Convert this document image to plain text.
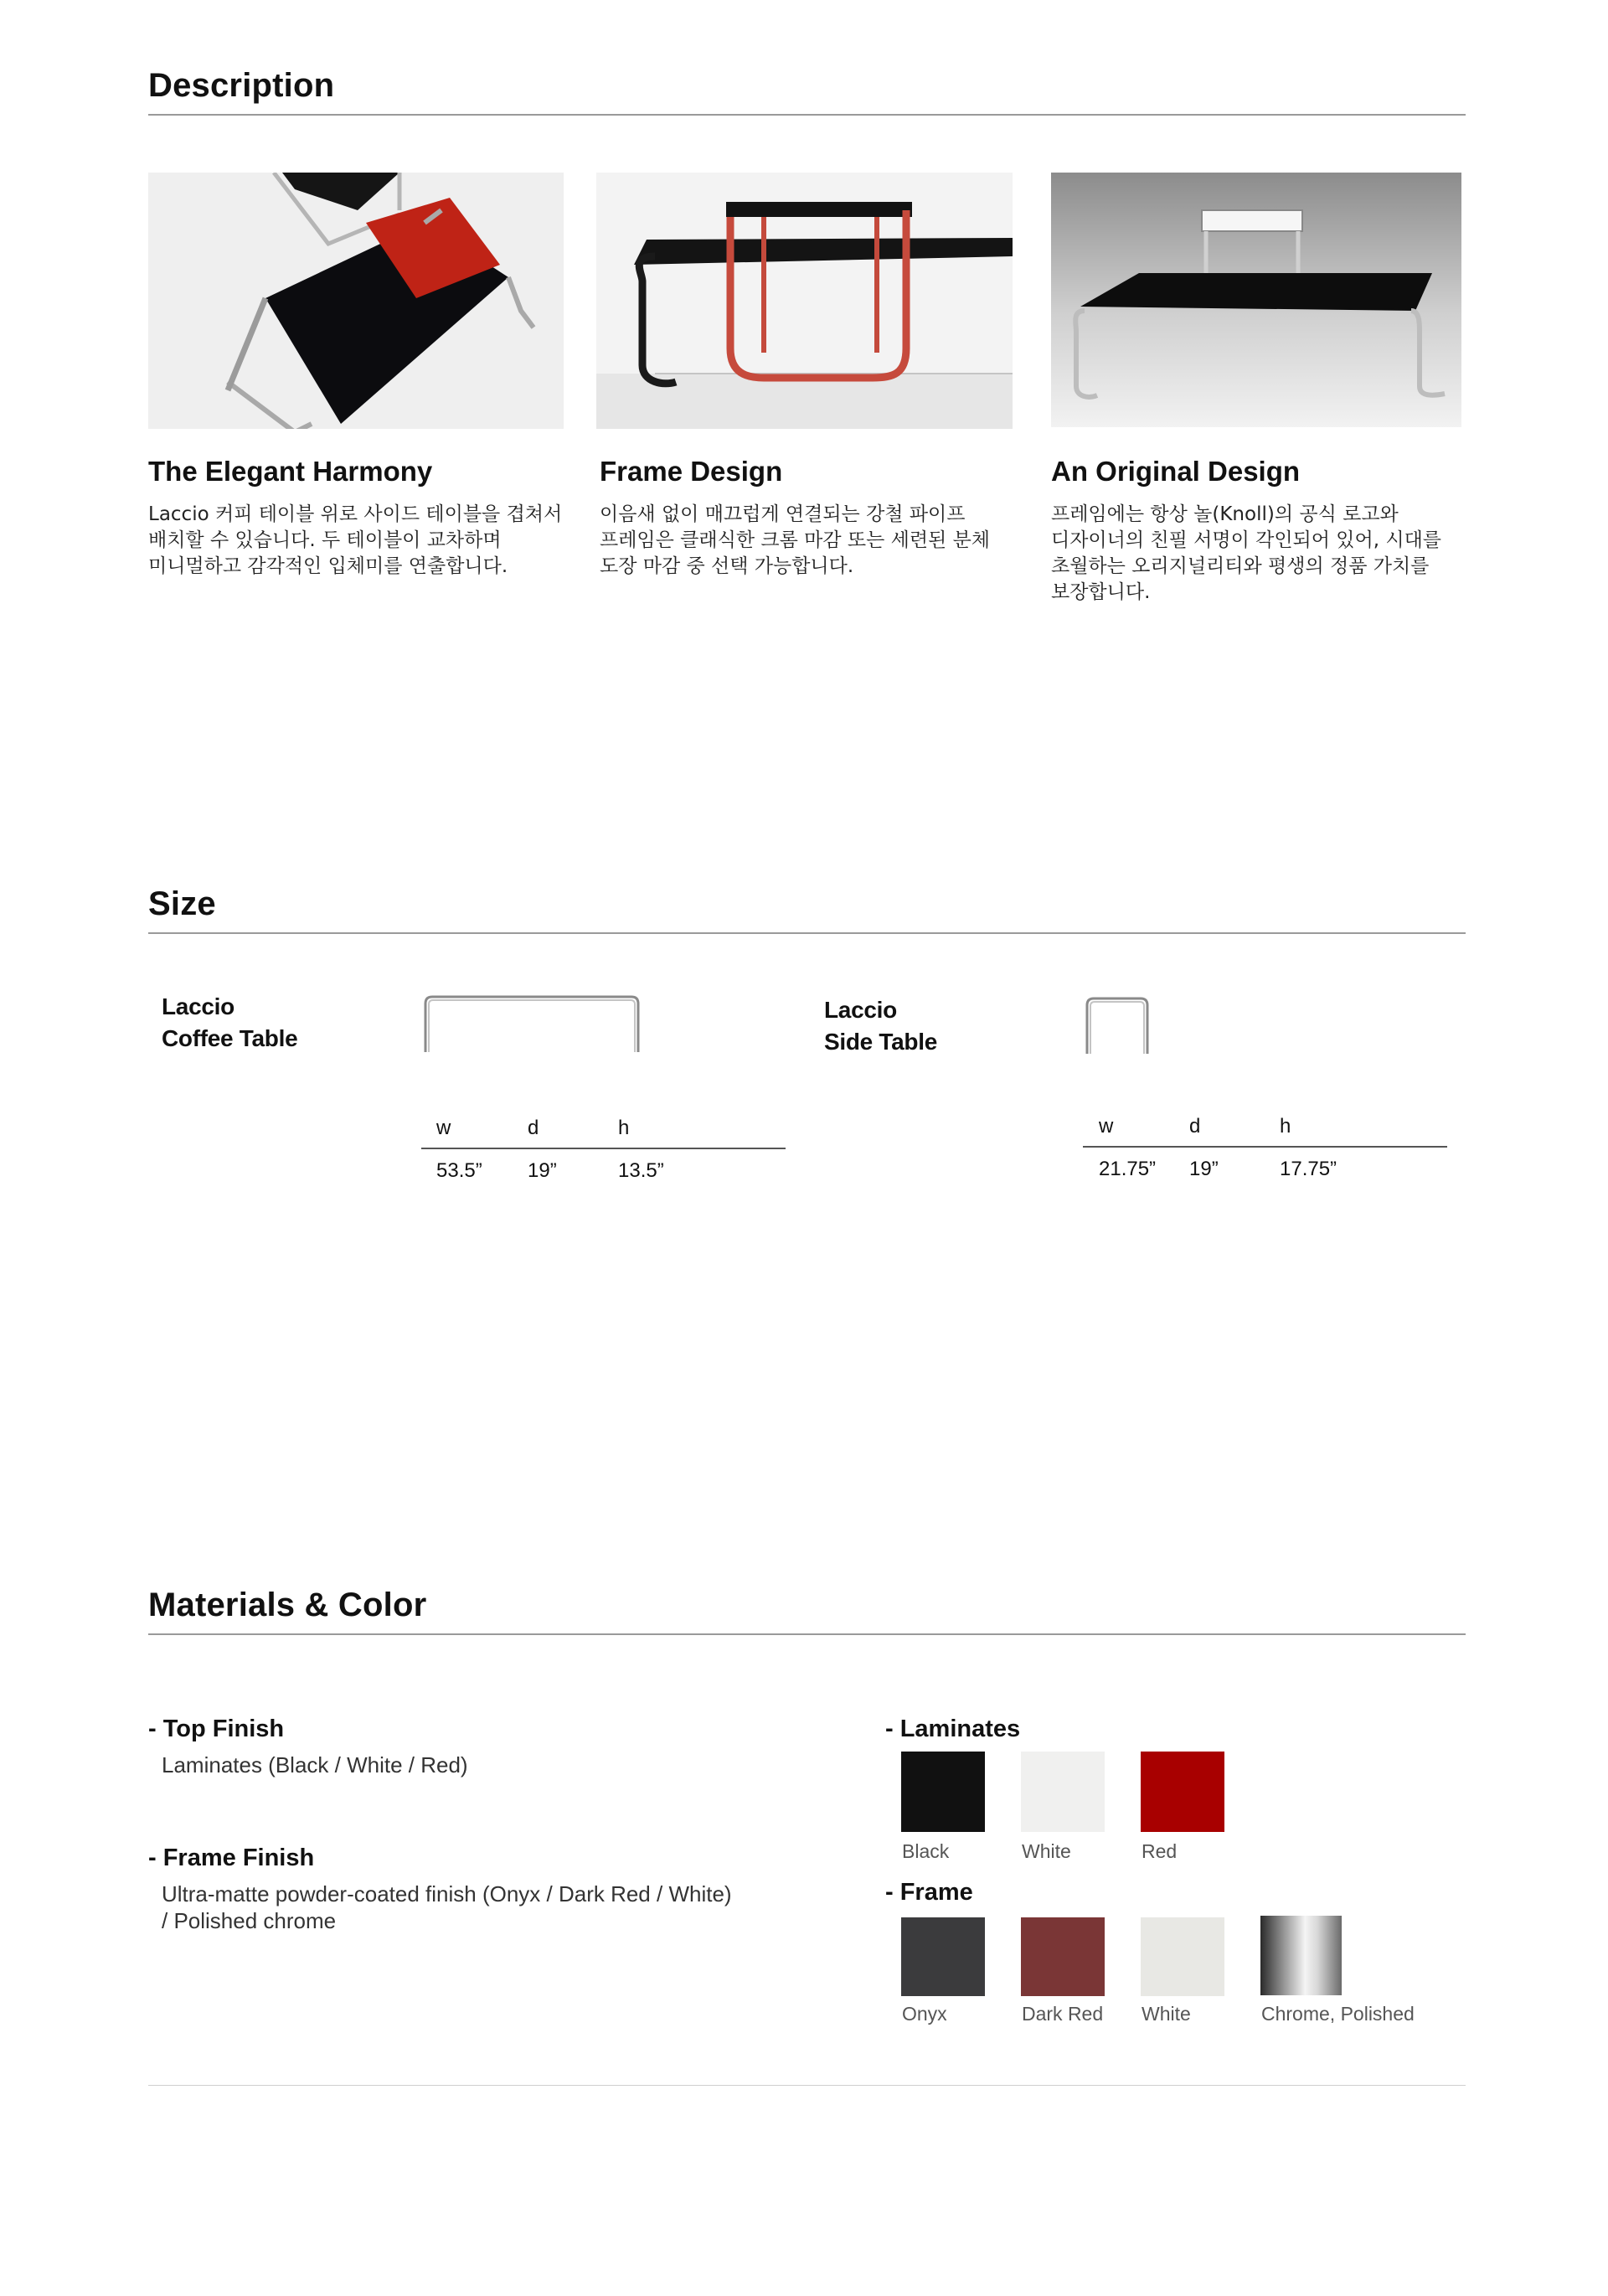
Description
The Elegant Harmony
Laccio 커피 테이블 위로 사이드 테이블을 겹쳐서
배치할 수 있습니다. 두 테이블이 교차하며
미니멀하고 감각적인 입체미를 연출합니다.
Frame Design
이음새 없이 매끄럽게 연결되는 강철 파이프
프레임은 클래식한 크롬 마감 또는 세련된 분체
도장 마감 중 선택 가능합니다.
An Original Design
프레임에는 항상 놀(Knoll)의 공식 로고와
디자이너의 친필 서명이 각인되어 있어, 시대를
초월하는 오리지널리티와 평생의 정품 가치를
보장합니다.
Size
Laccio
Coffee Table
w	d	h
53.5” 19”	13.5”
Laccio
Side Table
w	d	h
21.75” 19”	17.75”
Materials & Color
- Top Finish
Laminates (Black / White / Red)
- Frame Finish
Ultra-matte powder-coated finish (Onyx / Dark Red / White)
/ Polished chrome
- Laminates
Black	White	Red
- Frame
Onyx	Dark Red White	Chrome, Polished
